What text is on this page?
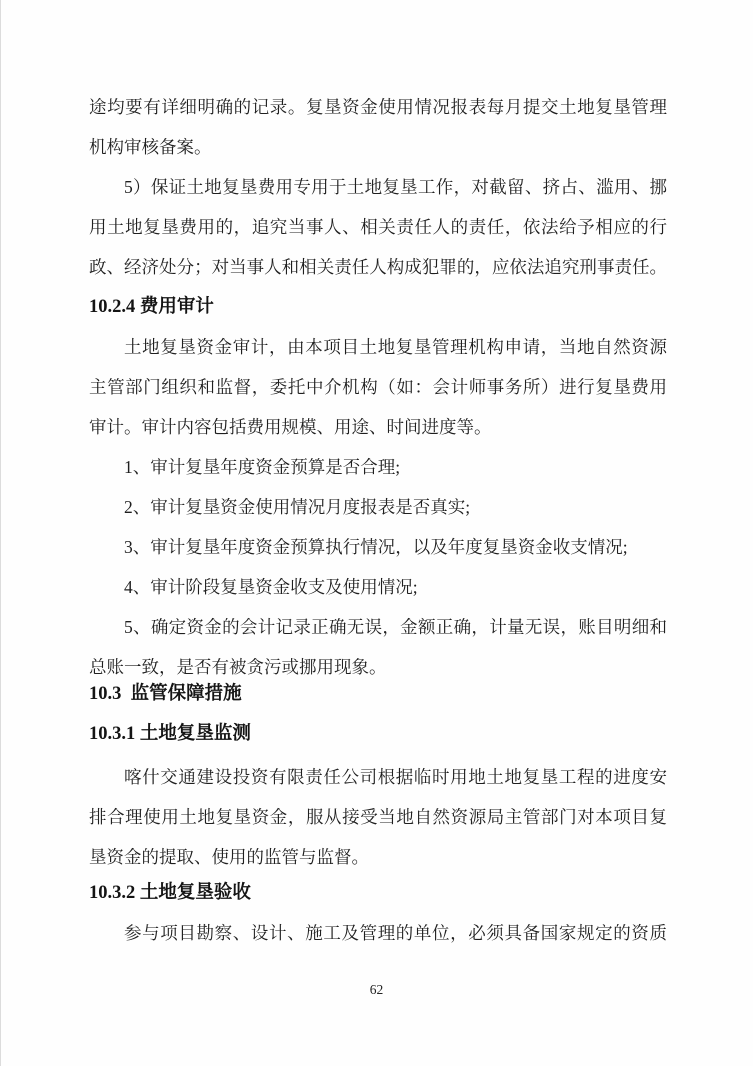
途均要有详细明确的记录。复垦资金使用情况报表每月提交土地复垦管理
机构审核备案。
5）保证土地复垦费用专用于土地复垦工作，对截留、挤占、滥用、挪
用土地复垦费用的，追究当事人、相关责任人的责任，依法给予相应的行
政、经济处分；对当事人和相关责任人构成犯罪的，应依法追究刑事责任。
10.2.4 费用审计
土地复垦资金审计，由本项目土地复垦管理机构申请，当地自然资源
主管部门组织和监督，委托中介机构（如：会计师事务所）进行复垦费用
审计。审计内容包括费用规模、用途、时间进度等。
1、审计复垦年度资金预算是否合理;
2、审计复垦资金使用情况月度报表是否真实;
3、审计复垦年度资金预算执行情况，以及年度复垦资金收支情况;
4、审计阶段复垦资金收支及使用情况;
5、确定资金的会计记录正确无误，金额正确，计量无误，账目明细和
总账一致，是否有被贪污或挪用现象。
10.3  监管保障措施
10.3.1 土地复垦监测
喀什交通建设投资有限责任公司根据临时用地土地复垦工程的进度安
排合理使用土地复垦资金，服从接受当地自然资源局主管部门对本项目复
垦资金的提取、使用的监管与监督。
10.3.2 土地复垦验收
参与项目勘察、设计、施工及管理的单位，必须具备国家规定的资质
62
